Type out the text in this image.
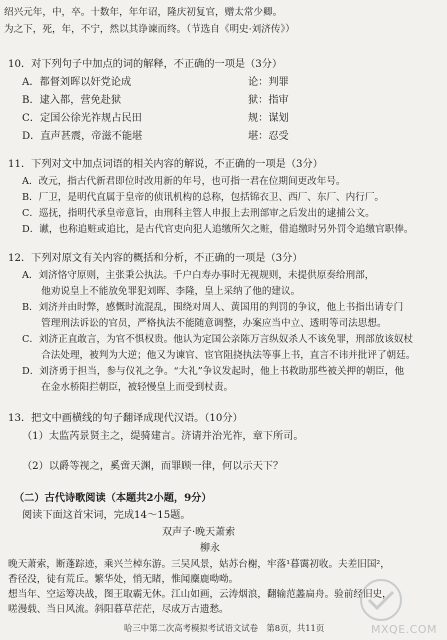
绍兴元年，中，卒。十数年，年年诏，隆庆初复官，赠太常少卿。
为之下，死，年，不宁，然以其诤谏而终。（节选自《明史·刘济传》）
10．对下列句子中加点的词的解释，不正确的一项是（3分）
A．都督刘晖以奸党论成	论：判罪
B．逮入都，营免赴狱	狱：指审
C．定国公徐光祚规占民田	规：谋划
D．直声甚震，帝滋不能堪	堪：忍受
11．下列对文中加点词语的相关内容的解说，不正确的一项是（3分）
A．改元，指古代新君即位时改用新的年号，也可指一君在位期间更改年号。
B．厂卫，是明代直属于皇帝的侦讯机构的总称，包括锦衣卫、西厂、东厂、内行厂。
C．巡抚，指明代承皇帝意旨，由刑科主管人申报上去刑部审之后发出的逮捕公文。
D．谳，也称追赃或追比，是古代官吏向犯人追缴所欠之赃，借追缴时另外罚令追缴官职俸。
12．下列对原文有关内容的概括和分析，不正确的一项是（3分）
A．刘济恪守原则，主张秉公执法。千户白寿办事时无视规则，未提供原奏给刑部，
　　他劝说皇上不能放免罪犯刘晖、李隆，皇上采纳了他的建议。
B．刘济并由时弊，感慨时流混乱，围绕对周人、黄国用的判罚的争议，他上书指出请专门
　　管理刑法诉讼的官员，严格执法不能随意调整，办案应当中立、透明等司法思想。
C．刘济正直敢言，为官不惧权贵。他认为定国公亲陈万言纵奴杀人不该免罪，刑部放该奴杖
　　合法处理，被判为大逆；他又为谏官、宦官阻挠执法等事上书，直言不讳并批评了朝廷。
D．刘济勇于担当，参与仪礼之争。“大礼”争议发起时，他上书救助那些被关押的朝臣，他
　　在金水桥阳拦朝臣，被轻慢皇上而受到杖责。
13．把文中画横线的句子翻译成现代汉语。（10分）
（1）太监芮景贤主之，缇骑建言。济请并治光祚，章下所司。
（2）以爵等视之，奚啻天渊，而罪顾一律，何以示天下？
（二）古代诗歌阅读（本题共2小题，9分）
阅读下面这首宋词，完成14～15题。
双声子·晚天萧索
柳永
晚天萧索，断蓬踪迹，乘兴兰棹东游。三吴风景，姑苏台榭，牢落¹暮霭初收。夫差旧国²，
香径没，徒有荒丘。繁华处，悄无睹，惟闻麋鹿呦呦。
想当年、空运筹决战，图王取霸无休。江山如画，云涛烟浪，翻输范蠡扁舟。验前经旧史，
嗟漫载、当日风流。斜阳暮草茫茫，尽成万古遗愁。
哈三中第二次高考模拟考试语文试卷　第8页，共11页	MXQE.COM
